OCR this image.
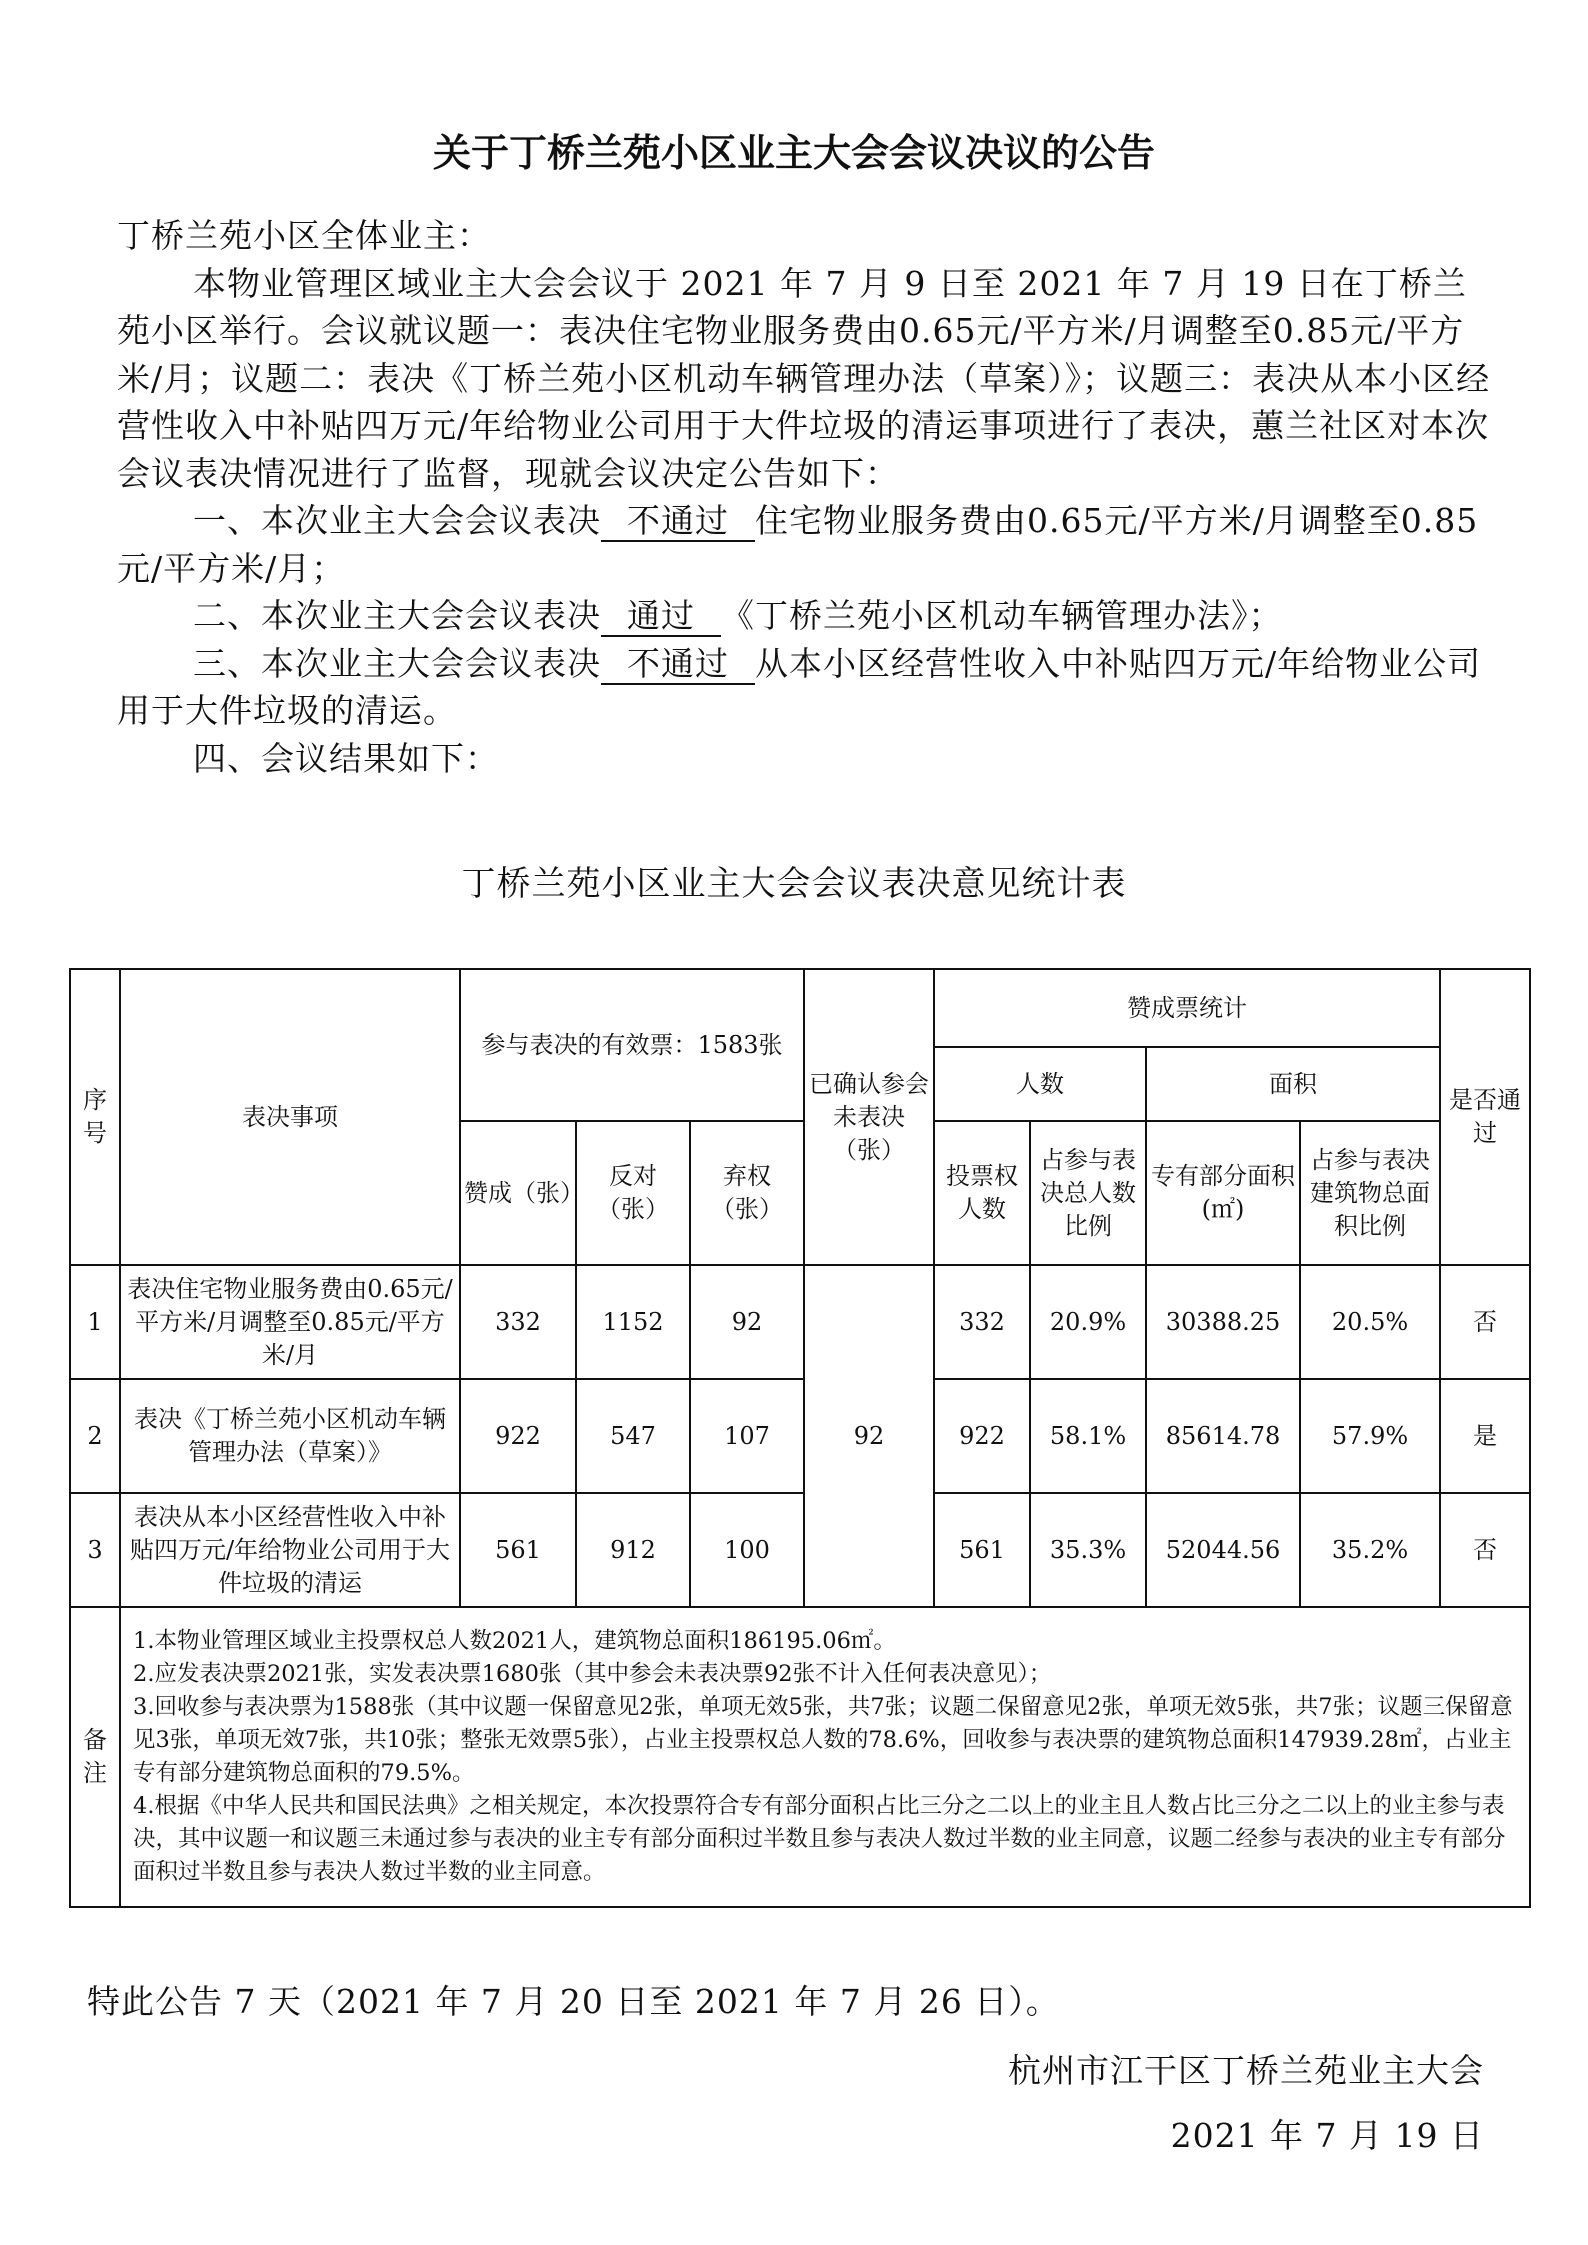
关于丁桥兰苑小区业主大会会议决议的公告

丁桥兰苑小区全体业主：

本物业管理区域业主大会会议于 2021 年 7 月 9 日至 2021 年 7 月 19 日在丁桥兰苑小区举行。会议就议题一：表决住宅物业服务费由0.65元/平方米/月调整至0.85元/平方米/月；议题二：表决《丁桥兰苑小区机动车辆管理办法（草案）》；议题三：表决从本小区经营性收入中补贴四万元/年给物业公司用于大件垃圾的清运事项进行了表决，蕙兰社区对本次会议表决情况进行了监督，现就会议决定公告如下：

一、本次业主大会会议表决 不通过 住宅物业服务费由0.65元/平方米/月调整至0.85元/平方米/月；

二、本次业主大会会议表决 通过 《丁桥兰苑小区机动车辆管理办法》；

三、本次业主大会会议表决 不通过 从本小区经营性收入中补贴四万元/年给物业公司用于大件垃圾的清运。

四、会议结果如下：

丁桥兰苑小区业主大会会议表决意见统计表
序号	表决事项	参与表决的有效票：1583张			已确认参会未表决（张）	赞成票统计				是否通过
						人数		面积		
		赞成（张）	反对（张）	弃权（张）		投票权人数	占参与表决总人数比例	专有部分面积(㎡)	占参与表决建筑物总面积比例	
1	表决住宅物业服务费由0.65元/平方米/月调整至0.85元/平方米/月	332	1152	92	92	332	20.9%	30388.25	20.5%	否
2	表决《丁桥兰苑小区机动车辆管理办法（草案）》	922	547	107		922	58.1%	85614.78	57.9%	是
3	表决从本小区经营性收入中补贴四万元/年给物业公司用于大件垃圾的清运	561	912	100		561	35.3%	52044.56	35.2%	否
备注	1.本物业管理区域业主投票权总人数2021人，建筑物总面积186195.06㎡。

2.应发表决票2021张，实发表决票1680张（其中参会未表决票92张不计入任何表决意见）；

3.回收参与表决票为1588张（其中议题一保留意见2张，单项无效5张，共7张；议题二保留意见2张，单项无效5张，共7张；议题三保留意见3张，单项无效7张，共10张；整张无效票5张），占业主投票权总人数的78.6%，回收参与表决票的建筑物总面积147939.28㎡，占业主专有部分建筑物总面积的79.5%。

4.根据《中华人民共和国民法典》之相关规定，本次投票符合专有部分面积占比三分之二以上的业主且人数占比三分之二以上的业主参与表决，其中议题一和议题三未通过参与表决的业主专有部分面积过半数且参与表决人数过半数的业主同意，议题二经参与表决的业主专有部分面积过半数且参与表决人数过半数的业主同意。									

特此公告 7 天（2021 年 7 月 20 日至 2021 年 7 月 26 日）。
杭州市江干区丁桥兰苑业主大会
2021 年 7 月 19 日
